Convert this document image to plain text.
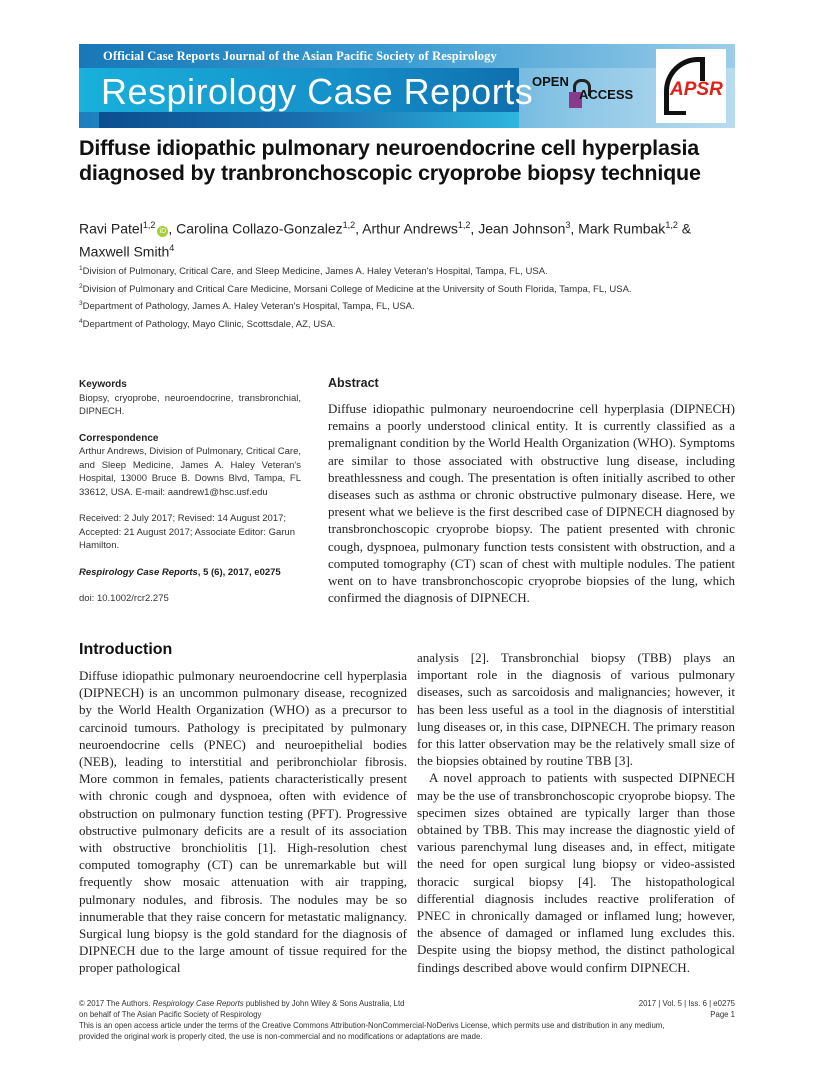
Official Case Reports Journal of the Asian Pacific Society of Respirology
Respirology Case Reports
OPEN
ACCESS APSR
Diffuse idiopathic pulmonary neuroendocrine cell hyperplasia diagnosed by tranbronchoscopic cryoprobe biopsy technique
Ravi Patel$^{1,2}$iD , Carolina Collazo-Gonzalez$^{1,2}$, Arthur Andrews$^{1,2}$, Jean Johnson$^3$, Mark Rumbak$^{1,2}$ &
Maxwell Smith$^4$
$^1$Division of Pulmonary, Critical Care, and Sleep Medicine, James A. Haley Veteran's Hospital, Tampa, FL, USA.
$^2$Division of Pulmonary and Critical Care Medicine, Morsani College of Medicine at the University of South Florida, Tampa, FL, USA.
$^3$Department of Pathology, James A. Haley Veteran's Hospital, Tampa, FL, USA.
$^4$Department of Pathology, Mayo Clinic, Scottsdale, AZ, USA.
Keywords

Biopsy, cryoprobe, neuroendocrine, transbronchial, DIPNECH.

Correspondence

Arthur Andrews, Division of Pulmonary, Critical Care, and Sleep Medicine, James A. Haley Veteran's Hospital, 13000 Bruce B. Downs Blvd, Tampa, FL 33612, USA. E-mail: aandrew1@hsc.usf.edu

Received: 2 July 2017; Revised: 14 August 2017; Accepted: 21 August 2017; Associate Editor: Garun Hamilton.

Respirology Case Reports, 5 (6), 2017, e0275

doi: 10.1002/rcr2.275

Abstract

Diffuse idiopathic pulmonary neuroendocrine cell hyperplasia (DIPNECH) remains a poorly understood clinical entity. It is currently classified as a premalignant condition by the World Health Organization (WHO). Symptoms are similar to those associated with obstructive lung disease, including breathlessness and cough. The presentation is often initially ascribed to other diseases such as asthma or chronic obstructive pulmonary disease. Here, we present what we believe is the first described case of DIPNECH diagnosed by transbronchoscopic cryoprobe biopsy. The patient presented with chronic cough, dyspnoea, pulmonary function tests consistent with obstruction, and a computed tomography (CT) scan of chest with multiple nodules. The patient went on to have transbronchoscopic cryoprobe biopsies of the lung, which confirmed the diagnosis of DIPNECH.

Introduction

Diffuse idiopathic pulmonary neuroendocrine cell hyperplasia (DIPNECH) is an uncommon pulmonary disease, recognized by the World Health Organization (WHO) as a precursor to carcinoid tumours. Pathology is precipitated by pulmonary neuroendocrine cells (PNEC) and neuroepithelial bodies (NEB), leading to interstitial and peribronchiolar fibrosis. More common in females, patients characteristically present with chronic cough and dyspnoea, often with evidence of obstruction on pulmonary function testing (PFT). Progressive obstructive pulmonary deficits are a result of its association with obstructive bronchiolitis [1]. High-resolution chest computed tomography (CT) can be unremarkable but will frequently show mosaic attenuation with air trapping, pulmonary nodules, and fibrosis. The nodules may be so innumerable that they raise concern for metastatic malignancy. Surgical lung biopsy is the gold standard for the diagnosis of DIPNECH due to the large amount of tissue required for the proper pathological

analysis [2]. Transbronchial biopsy (TBB) plays an important role in the diagnosis of various pulmonary diseases, such as sarcoidosis and malignancies; however, it has been less useful as a tool in the diagnosis of interstitial lung diseases or, in this case, DIPNECH. The primary reason for this latter observation may be the relatively small size of the biopsies obtained by routine TBB [3].

A novel approach to patients with suspected DIPNECH may be the use of transbronchoscopic cryoprobe biopsy. The specimen sizes obtained are typically larger than those obtained by TBB. This may increase the diagnostic yield of various parenchymal lung diseases and, in effect, mitigate the need for open surgical lung biopsy or video-assisted thoracic surgical biopsy [4]. The histopathological differential diagnosis includes reactive proliferation of PNEC in chronically damaged or inflamed lung; however, the absence of damaged or inflamed lung excludes this. Despite using the biopsy method, the distinct pathological findings described above would confirm DIPNECH.

© 2017 The Authors. Respirology Case Reports published by John Wiley & Sons Australia, Ltd	2017 | Vol. 5 | Iss. 6 | e0275
on behalf of The Asian Pacific Society of Respirology	Page 1
This is an open access article under the terms of the Creative Commons Attribution-NonCommercial-NoDerivs License, which permits use and distribution in any medium,
provided the original work is properly cited, the use is non-commercial and no modifications or adaptations are made.
